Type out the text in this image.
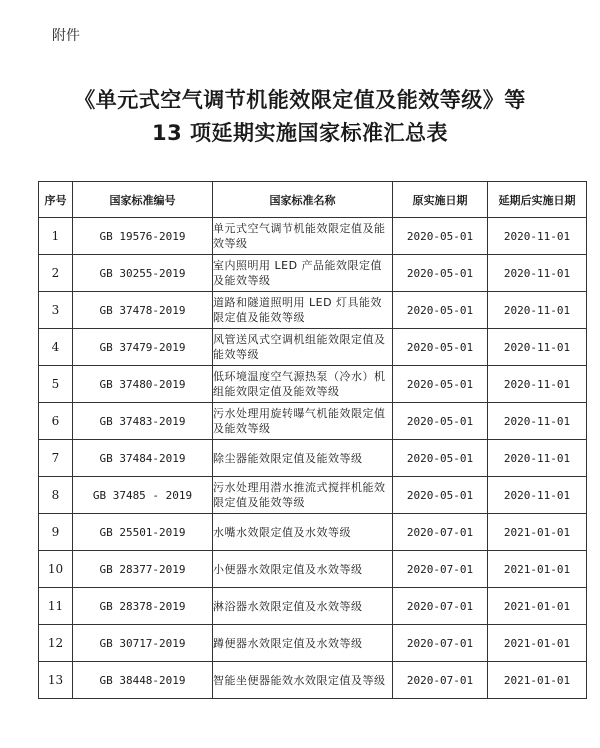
附件
《单元式空气调节机能效限定值及能效等级》等
13 项延期实施国家标准汇总表
序号	国家标准编号	国家标准名称	原实施日期	延期后实施日期
1	GB 19576-2019	单元式空气调节机能效限定值及能效等级	2020-05-01	2020-11-01
2	GB 30255-2019	室内照明用 LED 产品能效限定值及能效等级	2020-05-01	2020-11-01
3	GB 37478-2019	道路和隧道照明用 LED 灯具能效限定值及能效等级	2020-05-01	2020-11-01
4	GB 37479-2019	风管送风式空调机组能效限定值及能效等级	2020-05-01	2020-11-01
5	GB 37480-2019	低环境温度空气源热泵（冷水）机组能效限定值及能效等级	2020-05-01	2020-11-01
6	GB 37483-2019	污水处理用旋转曝气机能效限定值及能效等级	2020-05-01	2020-11-01
7	GB 37484-2019	除尘器能效限定值及能效等级	2020-05-01	2020-11-01
8	GB 37485 - 2019	污水处理用潜水推流式搅拌机能效限定值及能效等级	2020-05-01	2020-11-01
9	GB 25501-2019	水嘴水效限定值及水效等级	2020-07-01	2021-01-01
10	GB 28377-2019	小便器水效限定值及水效等级	2020-07-01	2021-01-01
11	GB 28378-2019	淋浴器水效限定值及水效等级	2020-07-01	2021-01-01
12	GB 30717-2019	蹲便器水效限定值及水效等级	2020-07-01	2021-01-01
13	GB 38448-2019	智能坐便器能效水效限定值及等级	2020-07-01	2021-01-01
